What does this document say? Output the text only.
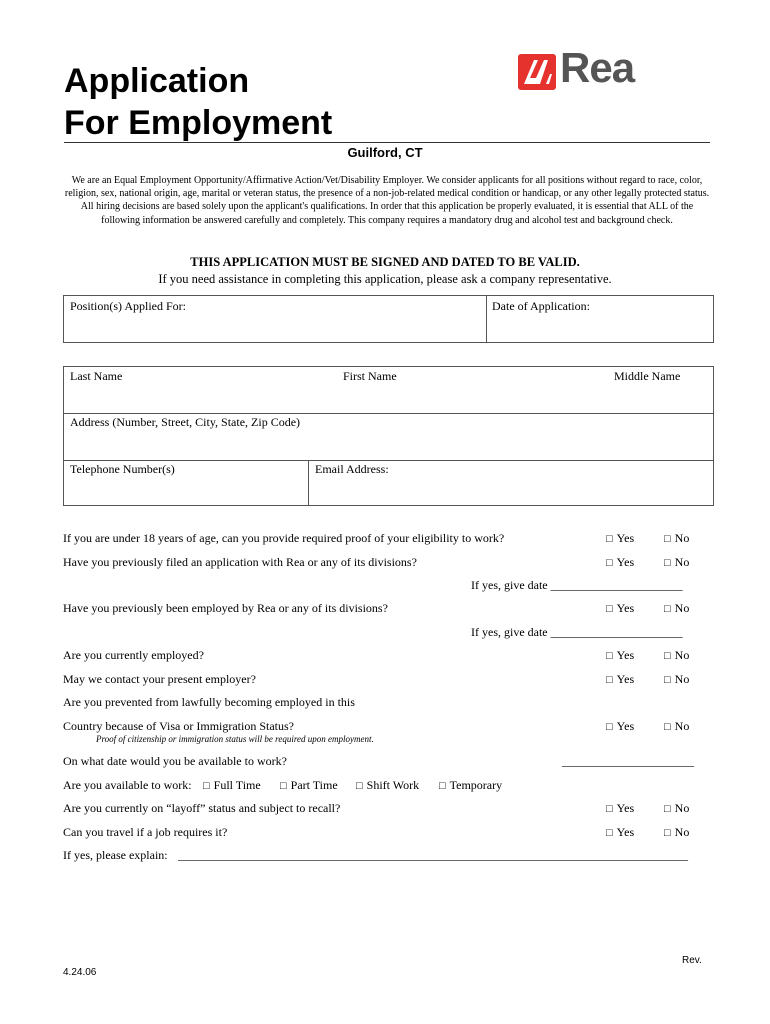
Application
For Employment
Rea
Guilford, CT
We are an Equal Employment Opportunity/Affirmative Action/Vet/Disability Employer. We consider applicants for all positions without regard to race, color, religion, sex, national origin, age, marital or veteran status, the presence of a non-job-related medical condition or handicap, or any other legally protected status. All hiring decisions are based solely upon the applicant's qualifications. In order that this application be properly evaluated, it is essential that ALL of the following information be answered carefully and completely. This company requires a mandatory drug and alcohol test and background check.
THIS APPLICATION MUST BE SIGNED AND DATED TO BE VALID.
If you need assistance in completing this application, please ask a company representative.
Position(s) Applied For:	Date of Application:
Last Name	First Name	Middle Name
Address (Number, Street, City, State, Zip Code)
Telephone Number(s)	Email Address:
If you are under 18 years of age, can you provide required proof of your eligibility to work?	□ Yes	□ No
Have you previously filed an application with Rea or any of its divisions?	□ Yes	□ No
If yes, give date ______________________
Have you previously been employed by Rea or any of its divisions?	□ Yes	□ No
If yes, give date ______________________
Are you currently employed?	□ Yes	□ No
May we contact your present employer?	□ Yes	□ No
Are you prevented from lawfully becoming employed in this
Country because of Visa or Immigration Status?	□ Yes	□ No
Proof of citizenship or immigration status will be required upon employment.
On what date would you be available to work?	______________________
Are you available to work: □ Full Time □ Part Time □ Shift Work □ Temporary
Are you currently on “layoff” status and subject to recall?	□ Yes	□ No
Can you travel if a job requires it?	□ Yes	□ No
If yes, please explain: _____________________________________________________________________________________
Rev.
4.24.06
